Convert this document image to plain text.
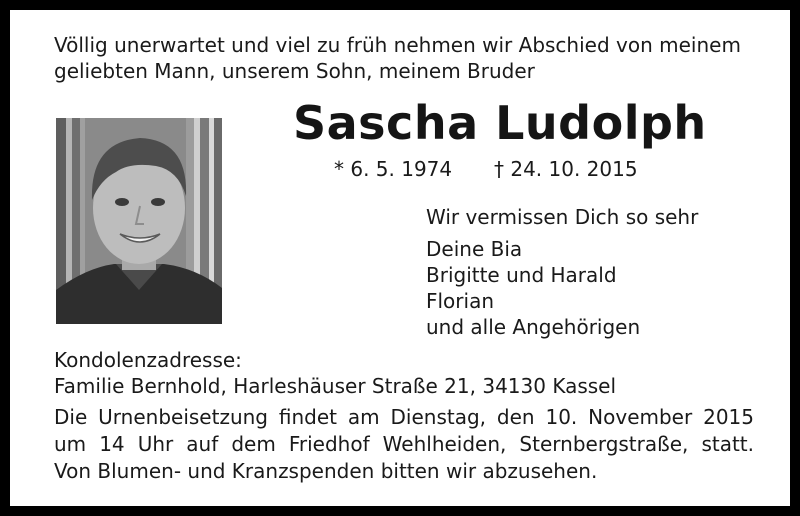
Völlig unerwartet und viel zu früh nehmen wir Abschied von meinem
geliebten Mann, unserem Sohn, meinem Bruder
Sascha Ludolph
* 6. 5. 1974 † 24. 10. 2015
Wir vermissen Dich so sehr
Deine Bia
Brigitte und Harald
Florian
und alle Angehörigen
Kondolenzadresse:
Familie Bernhold, Harleshäuser Straße 21, 34130 Kassel
Die Urnenbeisetzung findet am Dienstag, den 10. November 2015
um 14 Uhr auf dem Friedhof Wehlheiden, Sternbergstraße, statt.
Von Blumen- und Kranzspenden bitten wir abzusehen.
